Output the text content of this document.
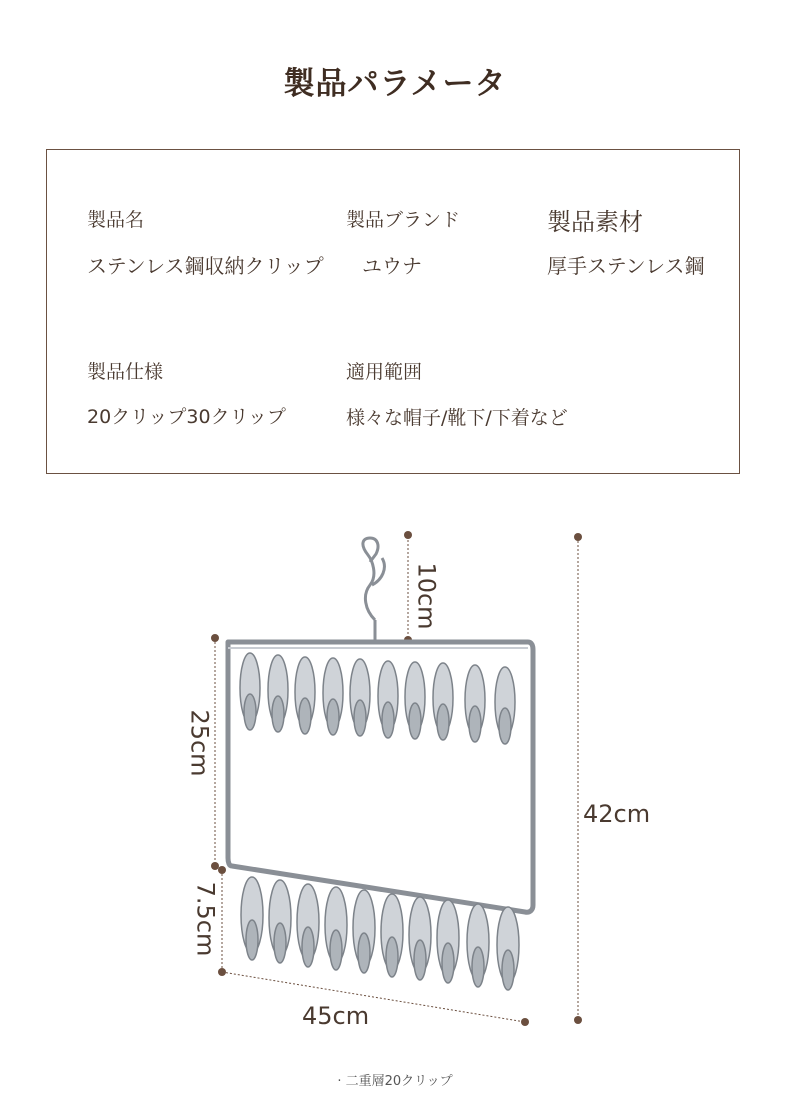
製品パラメータ
製品名
ステンレス鋼収納クリップ
製品ブランド
ユウナ
製品素材
厚手ステンレス鋼
製品仕様
20クリップ30クリップ
適用範囲
様々な帽子/靴下/下着など
10cm
25cm
42cm
7.5cm
45cm
· 二重層20クリップ
